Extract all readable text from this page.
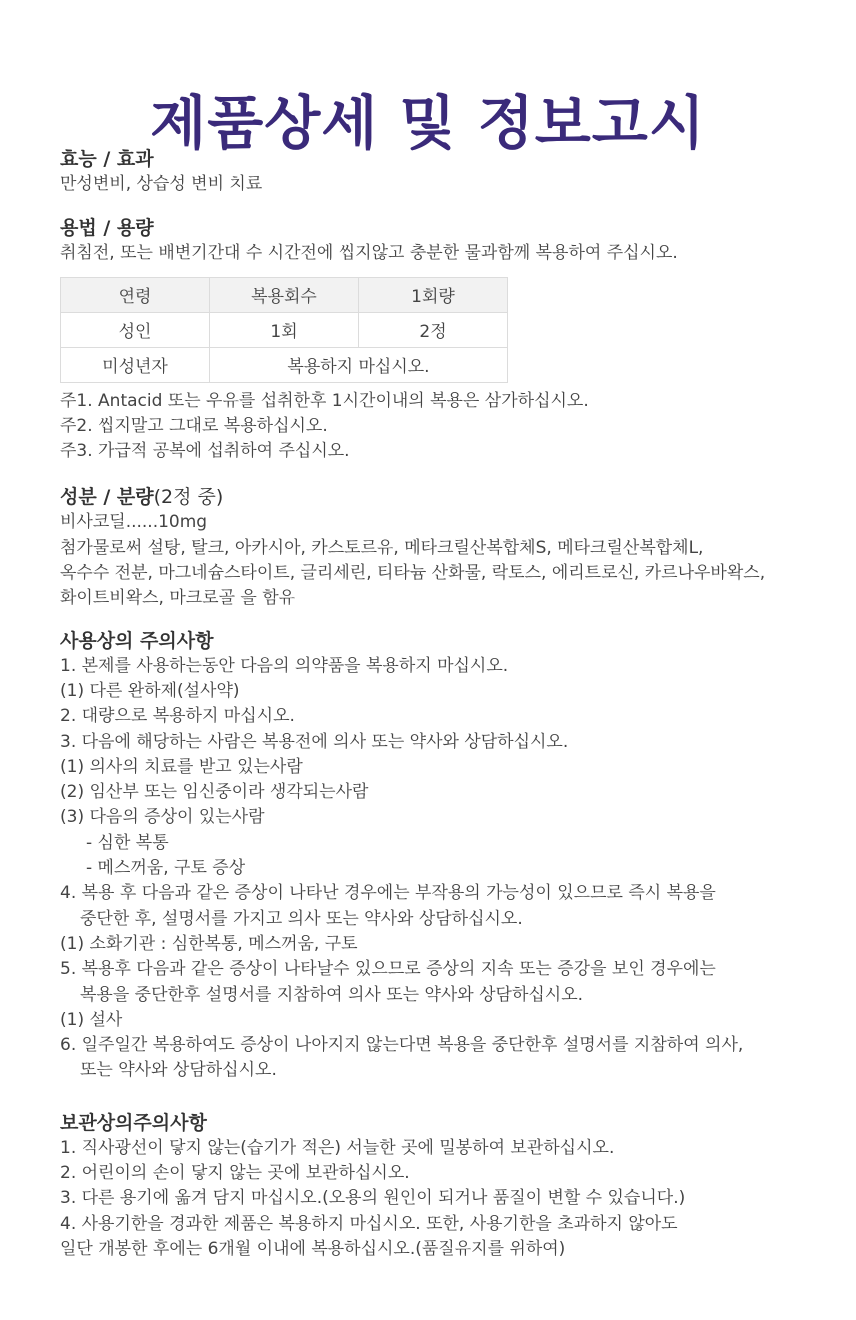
제품상세 및 정보고시

효능 / 효과

만성변비, 상습성 변비 치료

용법 / 용량

취침전, 또는 배변기간대 수 시간전에 씹지않고 충분한 물과함께 복용하여 주십시오.

연령	복용회수	1회량
성인	1회	2정
미성년자	복용하지 마십시오.	

주1. Antacid 또는 우유를 섭취한후 1시간이내의 복용은 삼가하십시오.

주2. 씹지말고 그대로 복용하십시오.

주3. 가급적 공복에 섭취하여 주십시오.

성분 / 분량(2정 중)

비사코딜......10mg

첨가물로써 설탕, 탈크, 아카시아, 카스토르유, 메타크릴산복합체S, 메타크릴산복합체L,

옥수수 전분, 마그네슘스타이트, 글리세린, 티타늄 산화물, 락토스, 에리트로신, 카르나우바왁스,

화이트비왁스, 마크로골 을 함유

사용상의 주의사항

1. 본제를 사용하는동안 다음의 의약품을 복용하지 마십시오.

(1) 다른 완하제(설사약)

2. 대량으로 복용하지 마십시오.

3. 다음에 해당하는 사람은 복용전에 의사 또는 약사와 상담하십시오.

(1) 의사의 치료를 받고 있는사람

(2) 임산부 또는 임신중이라 생각되는사람

(3) 다음의 증상이 있는사람

- 심한 복통

- 메스꺼움, 구토 증상

4. 복용 후 다음과 같은 증상이 나타난 경우에는 부작용의 가능성이 있으므로 즉시 복용을

중단한 후, 설명서를 가지고 의사 또는 약사와 상담하십시오.

(1) 소화기관 : 심한복통, 메스꺼움, 구토

5. 복용후 다음과 같은 증상이 나타날수 있으므로 증상의 지속 또는 증강을 보인 경우에는

복용을 중단한후 설명서를 지참하여 의사 또는 약사와 상담하십시오.

(1) 설사

6. 일주일간 복용하여도 증상이 나아지지 않는다면 복용을 중단한후 설명서를 지참하여 의사,

또는 약사와 상담하십시오.

보관상의주의사항

1. 직사광선이 닿지 않는(습기가 적은) 서늘한 곳에 밀봉하여 보관하십시오.

2. 어린이의 손이 닿지 않는 곳에 보관하십시오.

3. 다른 용기에 옮겨 담지 마십시오.(오용의 원인이 되거나 품질이 변할 수 있습니다.)

4. 사용기한을 경과한 제품은 복용하지 마십시오. 또한, 사용기한을 초과하지 않아도

일단 개봉한 후에는 6개월 이내에 복용하십시오.(품질유지를 위하여)
